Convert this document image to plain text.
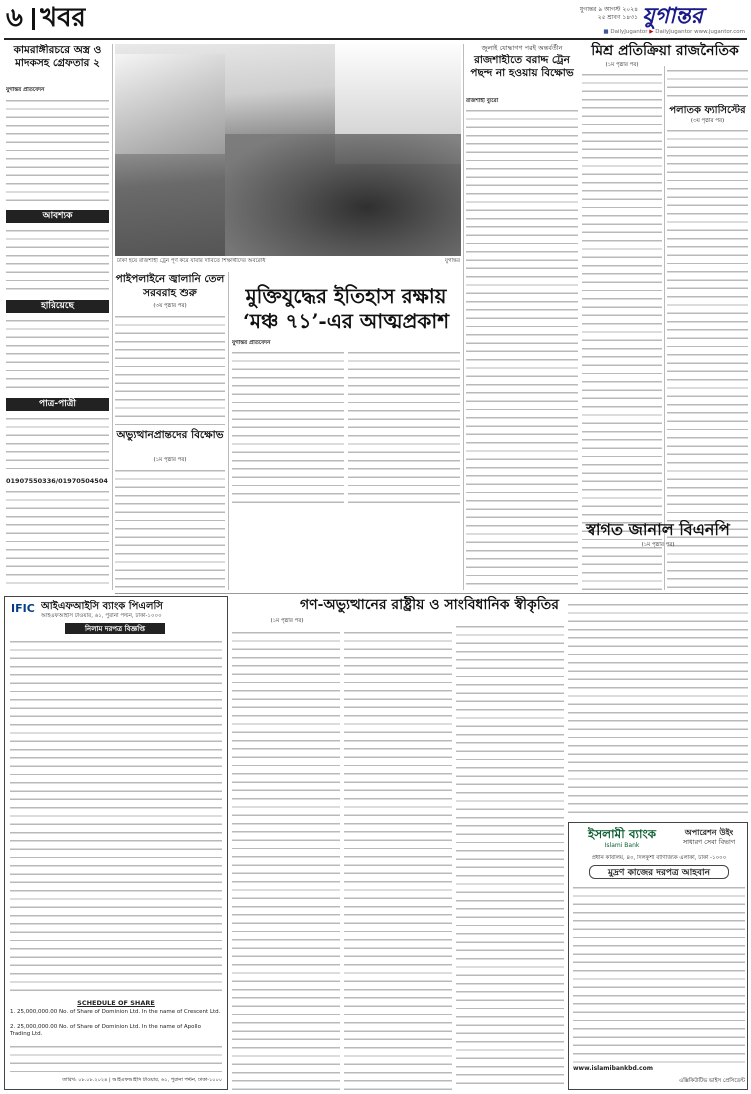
৬ খবর	যুগান্তর ৯ আগস্ট ২০২৪
২৫ শ্রাবণ ১৪৩১ যুগান্তর
■ DailyJugantor ▶ DailyJugantor www.jugantor.com
কামরাঙ্গীরচরে অস্ত্র ও মাদকসহ গ্রেফতার ২
যুগান্তর প্রতিবেদন
আবশ্যক
হারিয়েছে
পাত্র-পাত্রী
01907550336/01970504504
ঢাকা হয়ে রাজশাহী ট্রেন পূর্ণ করে যাবার দাবিতে শিক্ষার্থীদের অবরোধ	যুগান্তর
পাইপলাইনে জ্বালানি তেল সরবরাহ শুরু
(৩য় পৃষ্ঠার পর)
অভ্যুত্থানপ্রান্তদের বিক্ষোভ
(১ম পৃষ্ঠার পর)
মুক্তিযুদ্ধের ইতিহাস রক্ষায় ‘মঞ্চ ৭১’-এর আত্মপ্রকাশ
যুগান্তর প্রতিবেদন
জুলাই যোদ্ধাগণ পরই অন্তর্বর্তীন
রাজশাহীতে বরাদ্দ ট্রেন পছন্দ না হওয়ায় বিক্ষোভ
রাজশাহী ব্যুরো
মিশ্র প্রতিক্রিয়া রাজনৈতিক
(১ম পৃষ্ঠার পর)
পলাতক ফ্যাসিস্টের
(৩য় পৃষ্ঠার পর)
IFIC আইএফআইসি ব্যাংক পিএলসি
আইএফআইসি টাওয়ার, ৬১, পুরানা পল্টন, ঢাকা-১০০০
নিলাম দরপত্র বিজ্ঞপ্তি
SCHEDULE OF SHARE
1. 25,000,000.00 No. of Share of Dominion Ltd. In the name of Crescent Ltd.
2. 25,000,000.00 No. of Share of Dominion Ltd. In the name of Apollo Trading Ltd.
তারিখ: ০৮.০৮.২০২৪ | আইএফআইসি টাওয়ার, ৬১, পুরানা পল্টন, ঢাকা-১০০০
গণ-অভ্যুত্থানের রাষ্ট্রীয় ও সাংবিধানিক স্বীকৃতির
(১ম পৃষ্ঠার পর)
স্বাগত জানাল বিএনপি
(১ম পৃষ্ঠার পর)
ইসলামী ব্যাংক
Islami Bank
অপারেশন উইং
সাধারণ সেবা বিভাগ
প্রধান কার্যালয়, ৪০, দিলকুশা বাণিজ্যিক এলাকা, ঢাকা -১০০০
মুদ্রণ কাজের দরপত্র আহবান
www.islamibankbd.com
এক্সিকিউটিভ ভাইস প্রেসিডেন্ট
